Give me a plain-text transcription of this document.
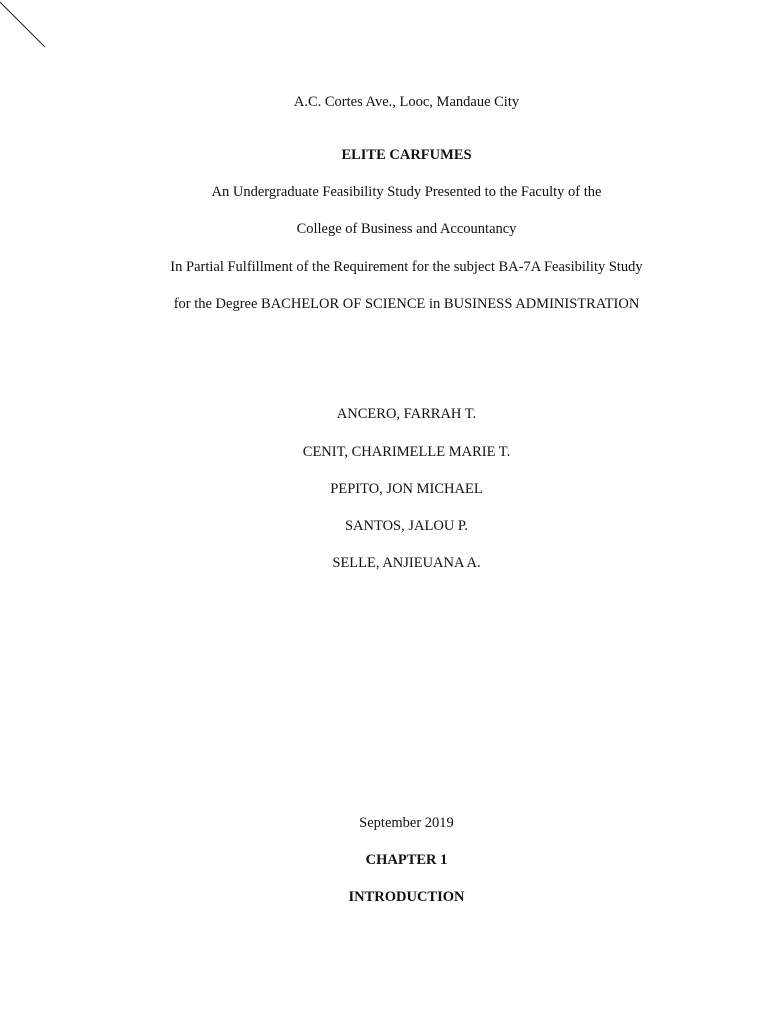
A.C. Cortes Ave., Looc, Mandaue City
ELITE CARFUMES
An Undergraduate Feasibility Study Presented to the Faculty of the
College of Business and Accountancy
In Partial Fulfillment of the Requirement for the subject BA-7A Feasibility Study
for the Degree BACHELOR OF SCIENCE in BUSINESS ADMINISTRATION
ANCERO, FARRAH T.
CENIT, CHARIMELLE MARIE T.
PEPITO, JON MICHAEL
SANTOS, JALOU P.
SELLE, ANJIEUANA A.
September 2019
CHAPTER 1
INTRODUCTION
